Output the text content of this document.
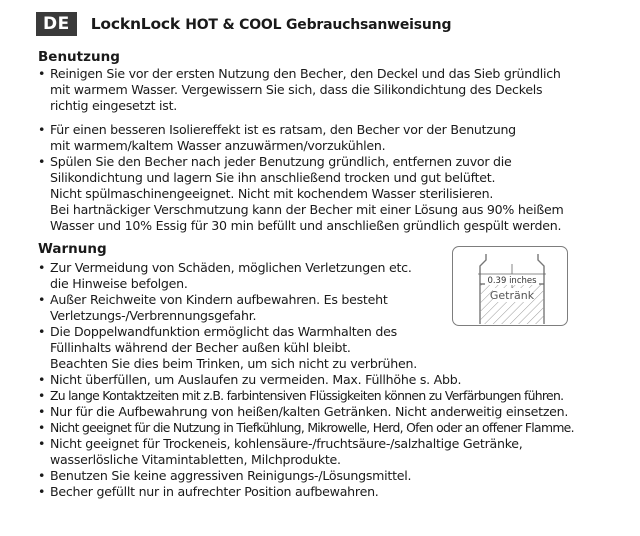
DE	LocknLock HOT & COOL Gebrauchsanweisung
Benutzung
• Reinigen Sie vor der ersten Nutzung den Becher, den Deckel und das Sieb gründlich
mit warmem Wasser. Vergewissern Sie sich, dass die Silikondichtung des Deckels
richtig eingesetzt ist.
• Für einen besseren Isoliereffekt ist es ratsam, den Becher vor der Benutzung
mit warmem/kaltem Wasser anzuwärmen/vorzukühlen.
• Spülen Sie den Becher nach jeder Benutzung gründlich, entfernen zuvor die
Silikondichtung und lagern Sie ihn anschließend trocken und gut belüftet.
Nicht spülmaschinengeeignet. Nicht mit kochendem Wasser sterilisieren.
Bei hartnäckiger Verschmutzung kann der Becher mit einer Lösung aus 90% heißem
Wasser und 10% Essig für 30 min befüllt und anschließen gründlich gespült werden.
Warnung
• Zur Vermeidung von Schäden, möglichen Verletzungen etc.
die Hinweise befolgen.
• Außer Reichweite von Kindern aufbewahren. Es besteht
Verletzungs-/Verbrennungsgefahr.
• Die Doppelwandfunktion ermöglicht das Warmhalten des
Füllinhalts während der Becher außen kühl bleibt.
Beachten Sie dies beim Trinken, um sich nicht zu verbrühen.
• Nicht überfüllen, um Auslaufen zu vermeiden. Max. Füllhöhe s. Abb.
• Zu lange Kontaktzeiten mit z.B. farbintensiven Flüssigkeiten können zu Verfärbungen führen.
• Nur für die Aufbewahrung von heißen/kalten Getränken. Nicht anderweitig einsetzen.
• Nicht geeignet für die Nutzung in Tiefkühlung, Mikrowelle, Herd, Ofen oder an offener Flamme.
• Nicht geeignet für Trockeneis, kohlensäure-/fruchtsäure-/salzhaltige Getränke,
wasserlösliche Vitamintabletten, Milchprodukte.
• Benutzen Sie keine aggressiven Reinigungs-/Lösungsmittel.
• Becher gefüllt nur in aufrechter Position aufbewahren.
0.39 inches
Getränk
